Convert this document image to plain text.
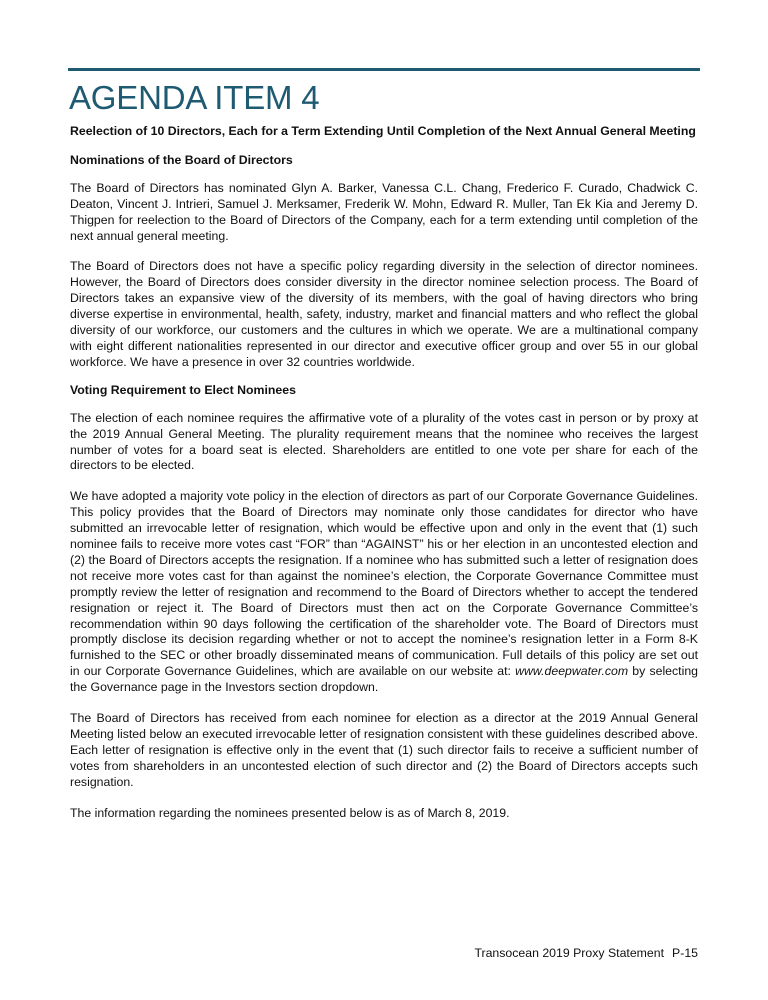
AGENDA ITEM 4
Reelection of 10 Directors, Each for a Term Extending Until Completion of the Next Annual General Meeting
Nominations of the Board of Directors

The Board of Directors has nominated Glyn A. Barker, Vanessa C.L. Chang, Frederico F. Curado, Chadwick C. Deaton, Vincent J. Intrieri, Samuel J. Merksamer, Frederik W. Mohn, Edward R. Muller, Tan Ek Kia and Jeremy D. Thigpen for reelection to the Board of Directors of the Company, each for a term extending until completion of the next annual general meeting.

The Board of Directors does not have a specific policy regarding diversity in the selection of director nominees. However, the Board of Directors does consider diversity in the director nominee selection process. The Board of Directors takes an expansive view of the diversity of its members, with the goal of having directors who bring diverse expertise in environmental, health, safety, industry, market and financial matters and who reflect the global diversity of our workforce, our customers and the cultures in which we operate. We are a multinational company with eight different nationalities represented in our director and executive officer group and over 55 in our global workforce. We have a presence in over 32 countries worldwide.

Voting Requirement to Elect Nominees

The election of each nominee requires the affirmative vote of a plurality of the votes cast in person or by proxy at the 2019 Annual General Meeting. The plurality requirement means that the nominee who receives the largest number of votes for a board seat is elected. Shareholders are entitled to one vote per share for each of the directors to be elected.

We have adopted a majority vote policy in the election of directors as part of our Corporate Governance Guidelines. This policy provides that the Board of Directors may nominate only those candidates for director who have submitted an irrevocable letter of resignation, which would be effective upon and only in the event that (1) such nominee fails to receive more votes cast “FOR” than “AGAINST” his or her election in an uncontested election and (2) the Board of Directors accepts the resignation. If a nominee who has submitted such a letter of resignation does not receive more votes cast for than against the nominee’s election, the Corporate Governance Committee must promptly review the letter of resignation and recommend to the Board of Directors whether to accept the tendered resignation or reject it. The Board of Directors must then act on the Corporate Governance Committee’s recommendation within 90 days following the certification of the shareholder vote. The Board of Directors must promptly disclose its decision regarding whether or not to accept the nominee’s resignation letter in a Form 8-K furnished to the SEC or other broadly disseminated means of communication. Full details of this policy are set out in our Corporate Governance Guidelines, which are available on our website at: www.deepwater.com by selecting the Governance page in the Investors section dropdown.

The Board of Directors has received from each nominee for election as a director at the 2019 Annual General Meeting listed below an executed irrevocable letter of resignation consistent with these guidelines described above. Each letter of resignation is effective only in the event that (1) such director fails to receive a sufficient number of votes from shareholders in an uncontested election of such director and (2) the Board of Directors accepts such resignation.

The information regarding the nominees presented below is as of March 8, 2019.

Transocean 2019 Proxy Statement P-15
